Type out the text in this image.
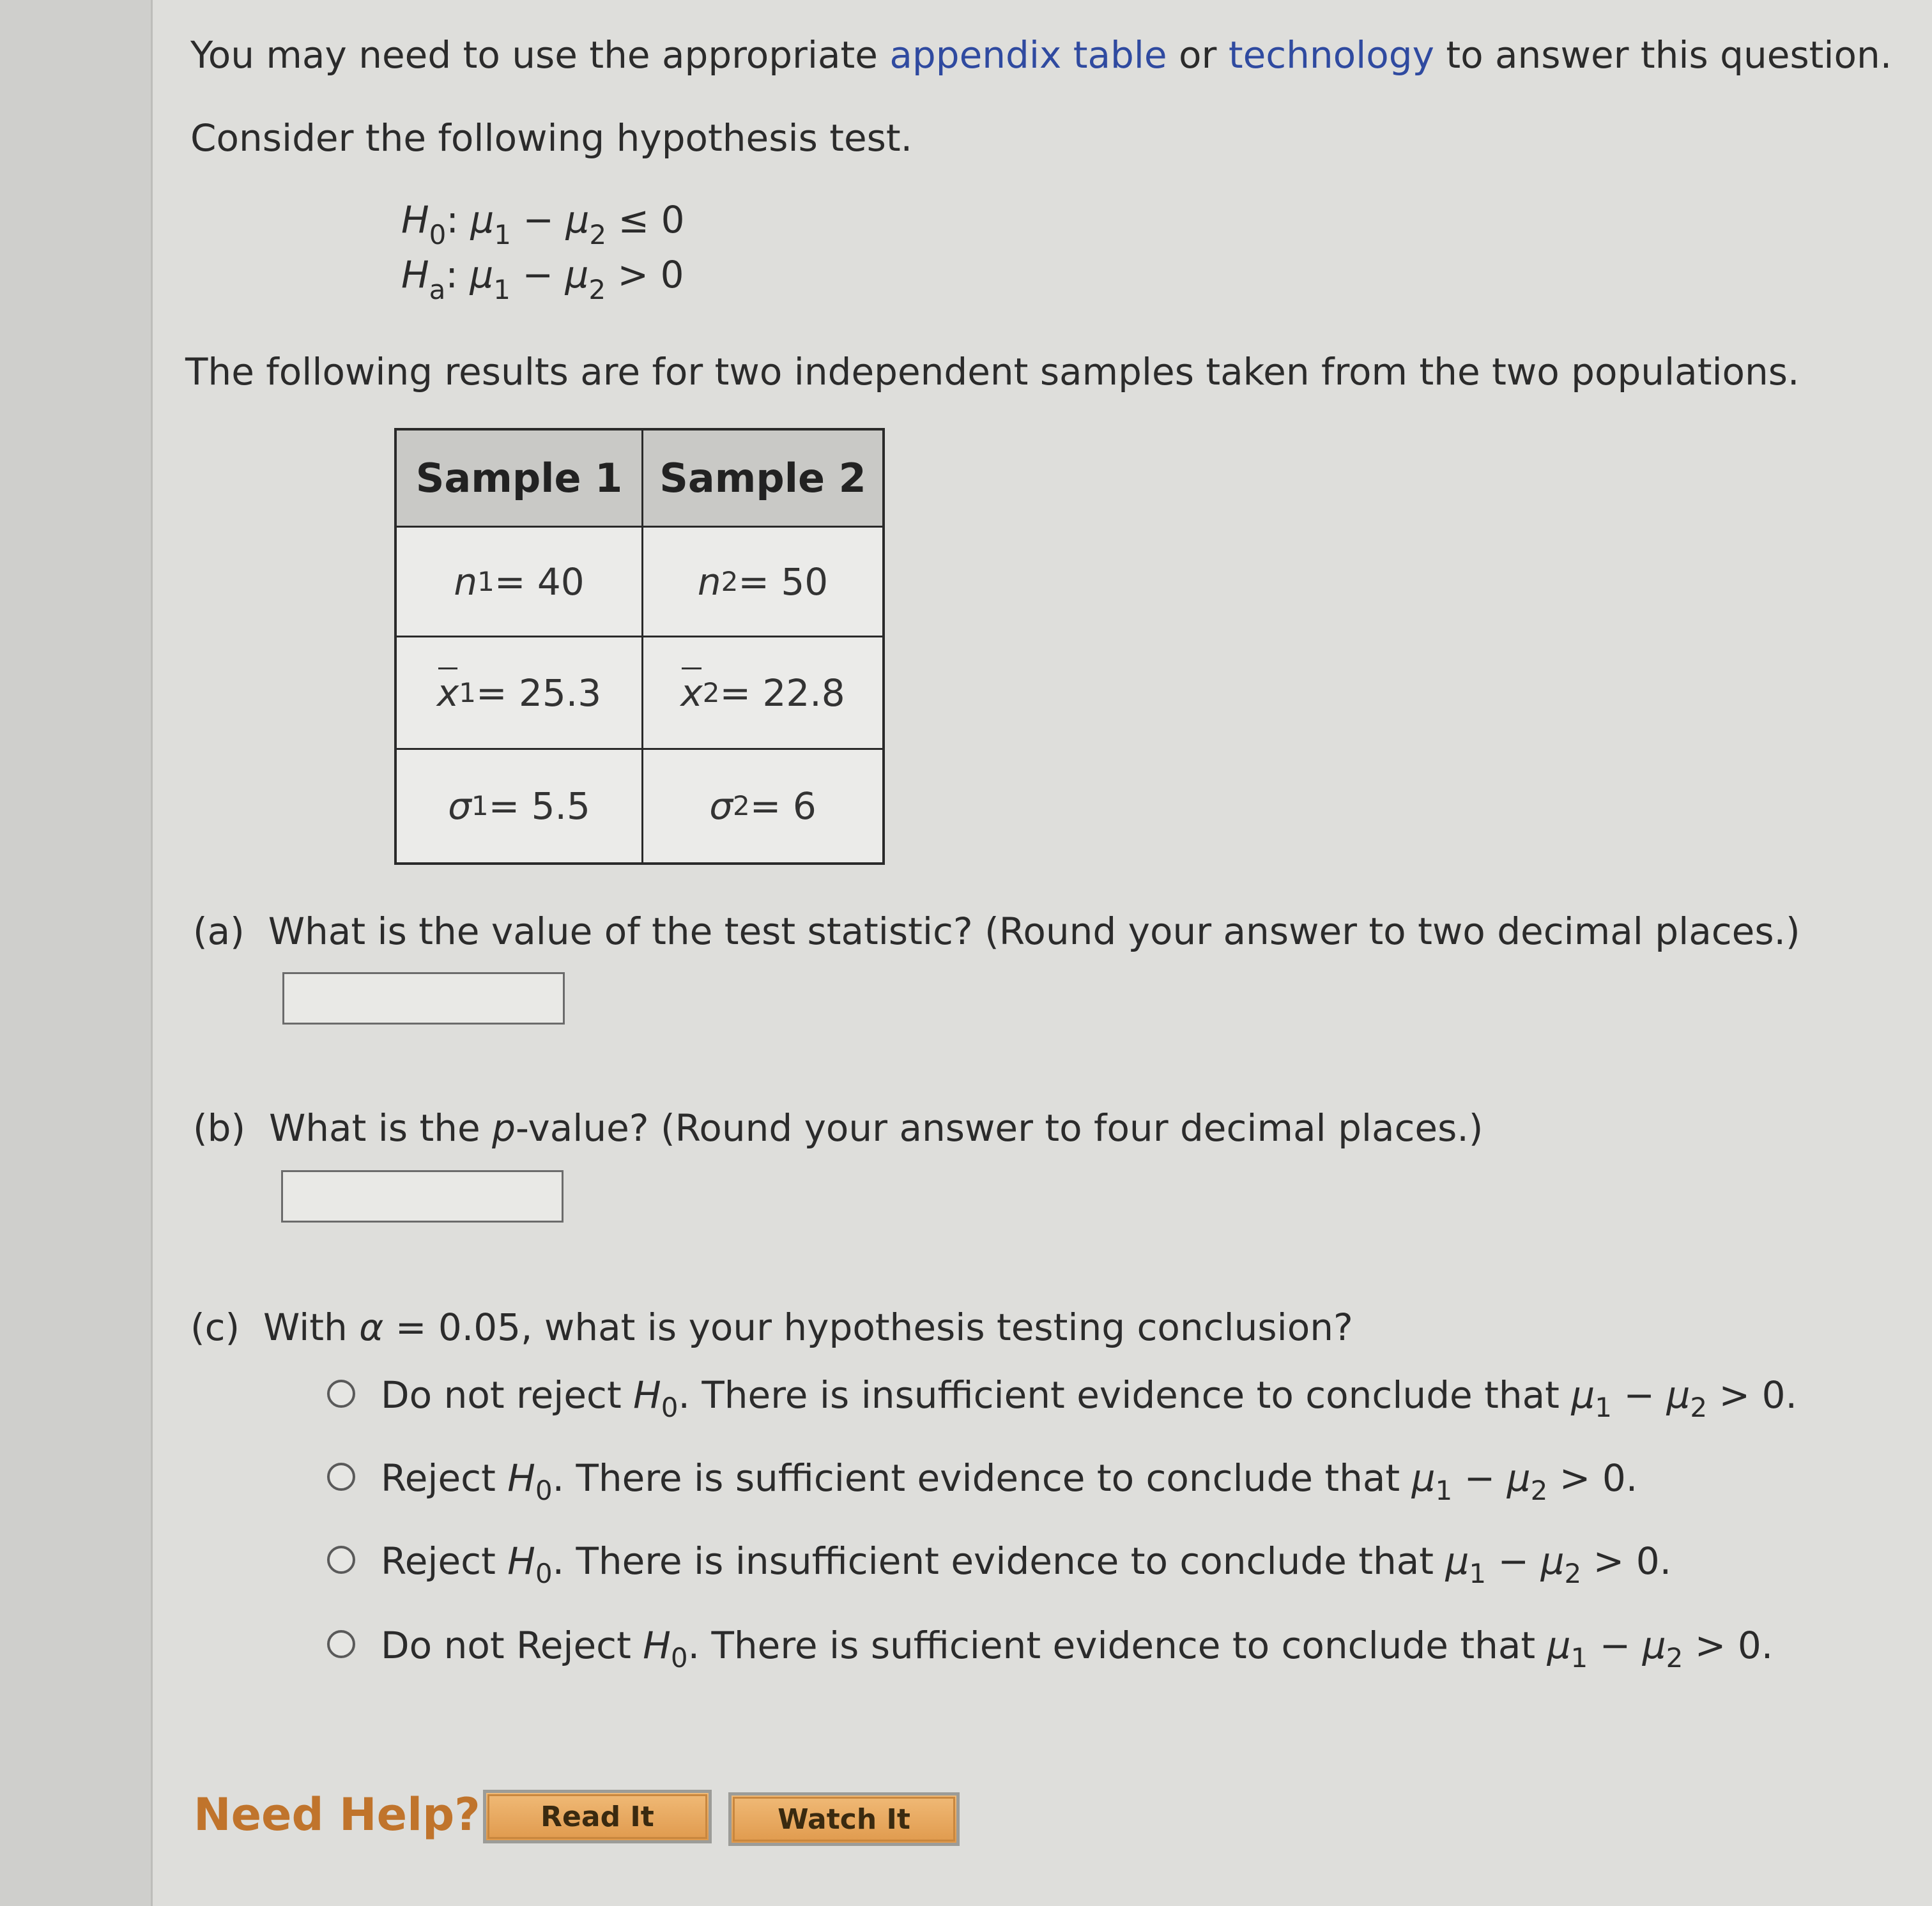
You may need to use the appropriate appendix table or technology to answer this question.
Consider the following hypothesis test.
$H_0$: $\mu_1 - \mu_2 \le 0$
$H_a$: $\mu_1 - \mu_2 > 0$
The following results are for two independent samples taken from the two populations.
Sample 1 Sample 2
n 1 = 40	n 2 = 50
x 1 = 25.3 x 2 = 22.8
σ 1 = 5.5	σ 2 = 6
(a) What is the value of the test statistic? (Round your answer to two decimal places.)
(b) What is the p-value? (Round your answer to four decimal places.)
(c) With α = 0.05, what is your hypothesis testing conclusion?
Do not reject $H_0$. There is insufficient evidence to conclude that $\mu_1 - \mu_2 > 0$.
Reject $H_0$. There is sufficient evidence to conclude that $\mu_1 - \mu_2 > 0$.
Reject $H_0$. There is insufficient evidence to conclude that $\mu_1 - \mu_2 > 0$.
Do not Reject $H_0$. There is sufficient evidence to conclude that $\mu_1 - \mu_2 > 0$.
Need Help?	Read It	Watch It
